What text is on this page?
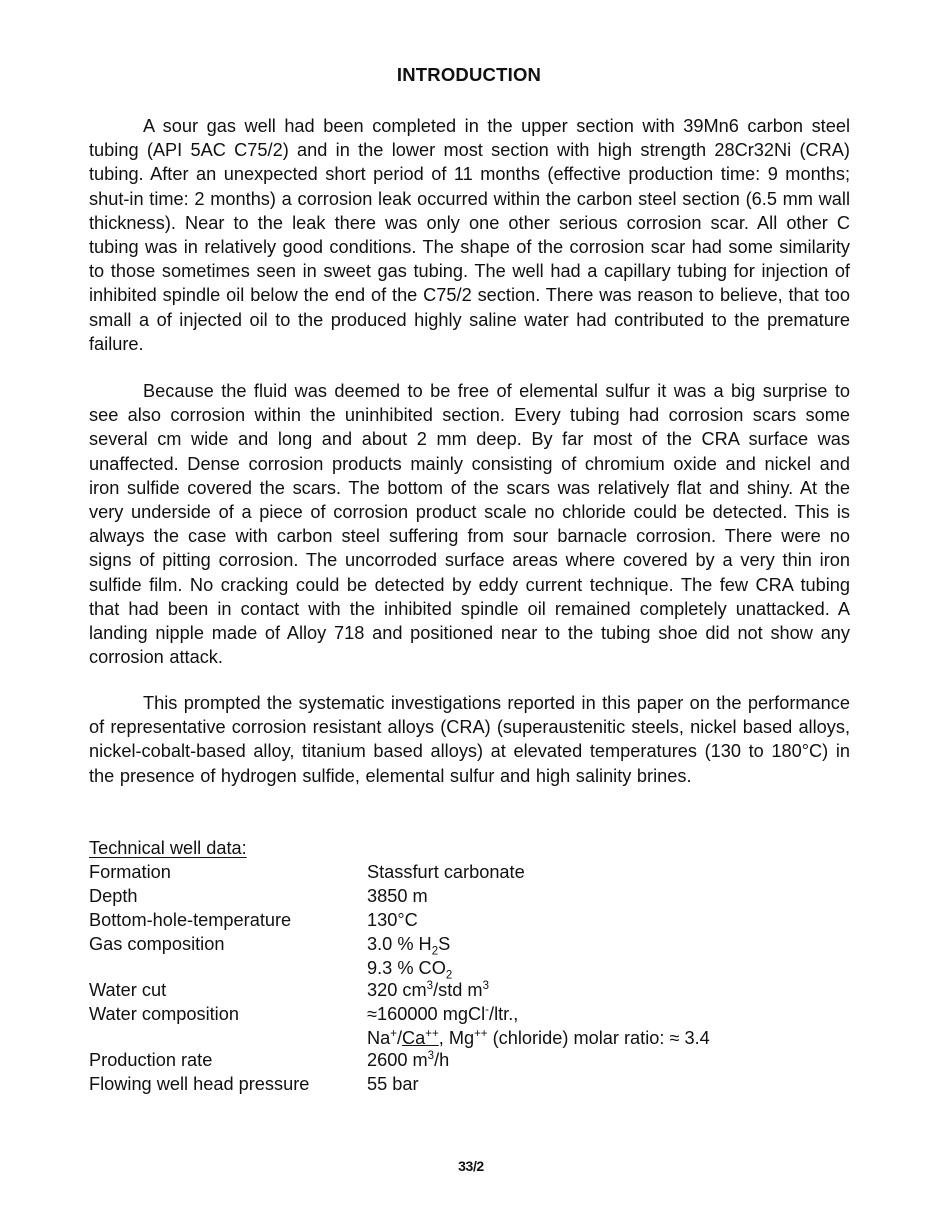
INTRODUCTION

A sour gas well had been completed in the upper section with 39Mn6 carbon steel tubing (API 5AC C75/2) and in the lower most section with high strength 28Cr32Ni (CRA) tubing. After an unexpected short period of 11 months (effective production time: 9 months; shut-in time: 2 months) a corrosion leak occurred within the carbon steel section (6.5 mm wall thickness). Near to the leak there was only one other serious corrosion scar. All other C tubing was in relatively good conditions. The shape of the corrosion scar had some similarity to those sometimes seen in sweet gas tubing. The well had a capillary tubing for injection of inhibited spindle oil below the end of the C75/2 section. There was reason to believe, that too small a of injected oil to the produced highly saline water had contributed to the premature failure.

Because the fluid was deemed to be free of elemental sulfur it was a big surprise to see also corrosion within the uninhibited section. Every tubing had corrosion scars some several cm wide and long and about 2 mm deep. By far most of the CRA surface was unaffected. Dense corrosion products mainly consisting of chromium oxide and nickel and iron sulfide covered the scars. The bottom of the scars was relatively flat and shiny. At the very underside of a piece of corrosion product scale no chloride could be detected. This is always the case with carbon steel suffering from sour barnacle corrosion. There were no signs of pitting corrosion. The uncorroded surface areas where covered by a very thin iron sulfide film. No cracking could be detected by eddy current technique. The few CRA tubing that had been in contact with the inhibited spindle oil remained completely unattacked. A landing nipple made of Alloy 718 and positioned near to the tubing shoe did not show any corrosion attack.

This prompted the systematic investigations reported in this paper on the performance of representative corrosion resistant alloys (CRA) (superaustenitic steels, nickel based alloys, nickel-cobalt-based alloy, titanium based alloys) at elevated temperatures (130 to 180°C) in the presence of hydrogen sulfide, elemental sulfur and high salinity brines.

Technical well data:
Formation	Stassfurt carbonate
Depth	3850 m
Bottom-hole-temperature	130°C
Gas composition	3.0 % $H_2S$
9.3 % $CO_2$
Water cut	320 $cm^3$/std $m^3$
Water composition	≈160000 mgCl-/ltr.,
Na+/Ca++, Mg++ (chloride) molar ratio: ≈ 3.4
Production rate	2600 $m^3/h$
Flowing well head pressure	55 bar
33/2
